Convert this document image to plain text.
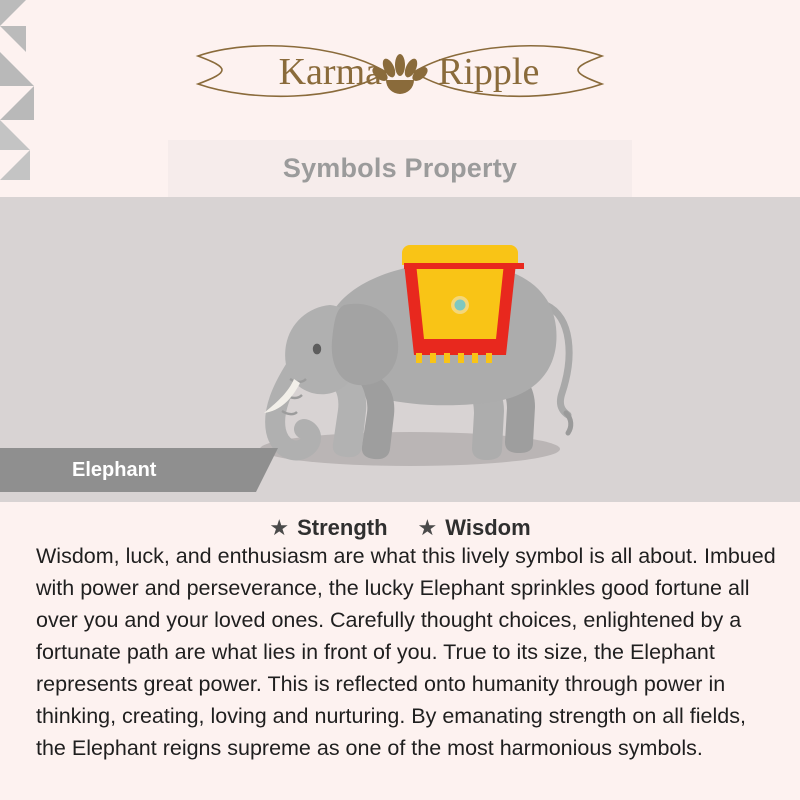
Karma Ripple
Symbols Property
Elephant
★ Strength ★ Wisdom
Wisdom, luck, and enthusiasm are what this lively symbol is all about. Imbued with power and perseverance, the lucky Elephant sprinkles good fortune all over you and your loved ones. Carefully thought choices, enlightened by a fortunate path are what lies in front of you. True to its size, the Elephant represents great power. This is reflected onto humanity through power in thinking, creating, loving and nurturing. By emanating strength on all fields, the Elephant reigns supreme as one of the most harmonious symbols.
